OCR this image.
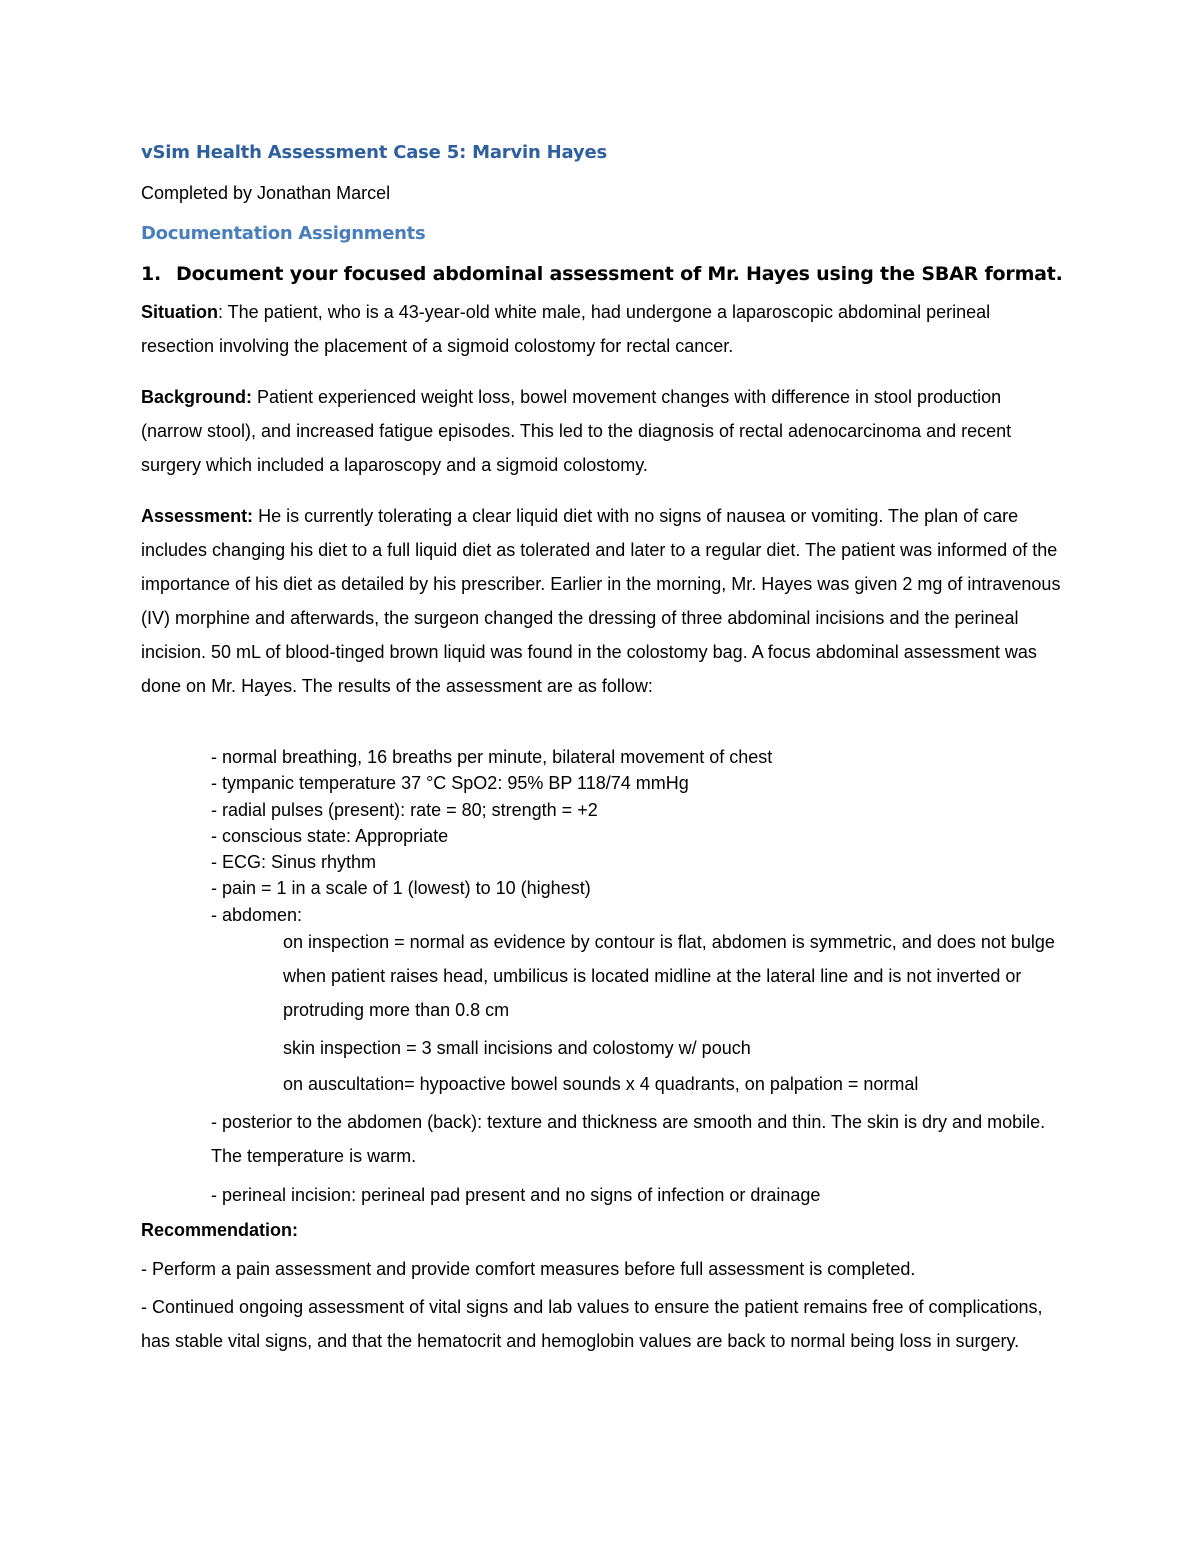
vSim Health Assessment Case 5: Marvin Hayes

Completed by Jonathan Marcel

Documentation Assignments
1. Document your focused abdominal assessment of Mr. Hayes using the SBAR format.

Situation: The patient, who is a 43-year-old white male, had undergone a laparoscopic abdominal perineal resection involving the placement of a sigmoid colostomy for rectal cancer.

Background: Patient experienced weight loss, bowel movement changes with difference in stool production (narrow stool), and increased fatigue episodes. This led to the diagnosis of rectal adenocarcinoma and recent surgery which included a laparoscopy and a sigmoid colostomy.

Assessment: He is currently tolerating a clear liquid diet with no signs of nausea or vomiting. The plan of care includes changing his diet to a full liquid diet as tolerated and later to a regular diet. The patient was informed of the importance of his diet as detailed by his prescriber. Earlier in the morning, Mr. Hayes was given 2 mg of intravenous (IV) morphine and afterwards, the surgeon changed the dressing of three abdominal incisions and the perineal incision. 50 mL of blood-tinged brown liquid was found in the colostomy bag. A focus abdominal assessment was done on Mr. Hayes. The results of the assessment are as follow:

- normal breathing, 16 breaths per minute, bilateral movement of chest
- tympanic temperature 37 °C SpO2: 95% BP 118/74 mmHg
- radial pulses (present): rate = 80; strength = +2
- conscious state: Appropriate
- ECG: Sinus rhythm
- pain = 1 in a scale of 1 (lowest) to 10 (highest)
- abdomen:

on inspection = normal as evidence by contour is flat, abdomen is symmetric, and does not bulge when patient raises head, umbilicus is located midline at the lateral line and is not inverted or protruding more than 0.8 cm

skin inspection = 3 small incisions and colostomy w/ pouch

on auscultation= hypoactive bowel sounds x 4 quadrants, on palpation = normal

- posterior to the abdomen (back): texture and thickness are smooth and thin. The skin is dry and mobile. The temperature is warm.

- perineal incision: perineal pad present and no signs of infection or drainage

Recommendation:

- Perform a pain assessment and provide comfort measures before full assessment is completed.

- Continued ongoing assessment of vital signs and lab values to ensure the patient remains free of complications, has stable vital signs, and that the hematocrit and hemoglobin values are back to normal being loss in surgery.
